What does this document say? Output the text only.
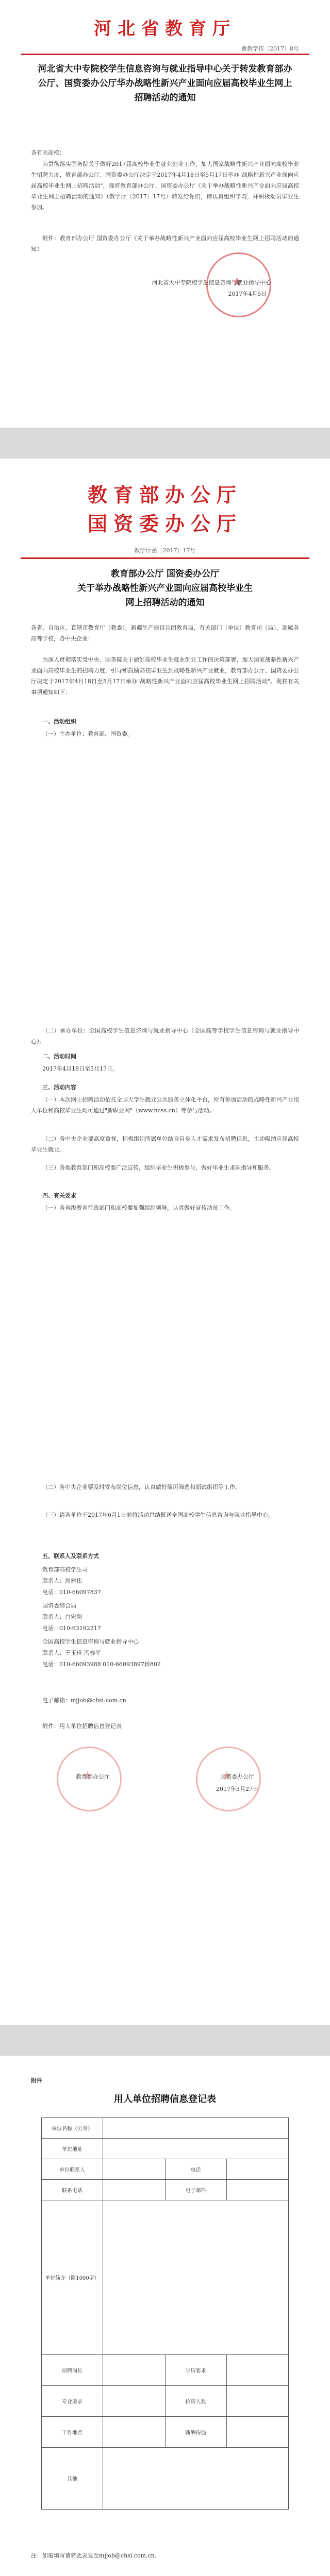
河北省教育厅
冀教学传〔2017〕8号
河北省大中专院校学生信息咨询与就业指导中心关于转发教育部办公厅、国资委办公厅华办战略性新兴产业面向应届高校毕业生网上招聘活动的通知
各有关高校：
为贯彻落实国务院关于做好2017届高校毕业生就业创业工作，加大国家战略性新兴产业面向高校毕业生招聘力度，教育部办公厅、国资委办公厅决定于2017年4月18日至5月17日举办"战略性新兴产业面向应届高校毕业生网上招聘活动"，现将教育部办公厅、国资委办公厅《关于举办战略性新兴产业面向应届高校毕业生网上招聘活动的通知》（教学厅〔2017〕17号）转发给你们，请认真组织学习，并积极动员毕业生参加。
附件：教育部办公厅 国资委办公厅《关于举办战略性新兴产业面向应届高校毕业生网上招聘活动的通知》
★
河北省大中专院校学生信息咨询与就业指导中心
2017年4月5日
教育部办公厅
国资委办公厅
教学厅函〔2017〕17号
教育部办公厅 国资委办公厅
关于举办战略性新兴产业面向应届高校毕业生
网上招聘活动的通知
各省、自治区、直辖市教育厅（教委），新疆生产建设兵团教育局，有关部门（单位）教育司（局），部属各高等学校，各中央企业：
为深入贯彻落实党中央、国务院关于做好高校毕业生就业创业工作的决策部署，加大国家战略性新兴产业面向高校毕业生的招聘力度，引导和鼓励高校毕业生到战略性新兴产业就业，教育部办公厅、国资委办公厅决定于2017年4月18日至5月17日举办"战略性新兴产业面向应届高校毕业生网上招聘活动"。现将有关事项通知如下：
一、活动组织
（一）主办单位：教育部、国资委。
（二）承办单位：全国高校学生信息咨询与就业指导中心（全国高等学校学生信息咨询与就业指导中心）。
二、活动时间
2017年4月18日至5月17日。
三、活动内容
（一）本次网上招聘活动依托全国大学生就业公共服务立体化平台，所有参加活动的战略性新兴产业用人单位和高校毕业生均可通过"新职业网"（www.ncss.cn）等参与活动。
（二）各中央企业要高度重视，积极组织所属单位结合自身人才需求发布招聘信息，主动吸纳应届高校毕业生就业。
（三）各地教育部门和高校要广泛宣传，组织毕业生积极参与，做好毕业生求职指导和服务。
四、有关要求
（一）各省级教育行政部门和高校要加强组织领导，认真做好宣传动员工作。
（二）各中央企业要及时发布岗位信息，认真做好简历筛选和面试组织等工作。
（三）请各单位于2017年6月1日前将活动总结报送全国高校学生信息咨询与就业指导中心。
五、联系人及联系方式
教育部高校学生司
联系人：周建伟
电话：010-66097837
国资委综合局
联系人：白宏刚
电话：010-63192217
全国高校学生信息咨询与就业指导中心
联系人：王玉珏 冯春平
电话：010-66093988 010-66093897转802
电子邮箱：mjjob@chsi.com.cn
附件：用人单位招聘信息登记表
★
★
教育部办公厅	国资委办公厅
2017年3月27日
附件
用人单位招聘信息登记表
单位名称（公章）			
单位地址			
单位联系人		电话	
联系电话		电子邮件	
单位简介（限1000字）			
招聘岗位		学历要求	
专业要求		招聘人数	
工作地点		薪酬待遇	
其他			
注：如需填写请将此表发至mjjob@chsi.com.cn。
